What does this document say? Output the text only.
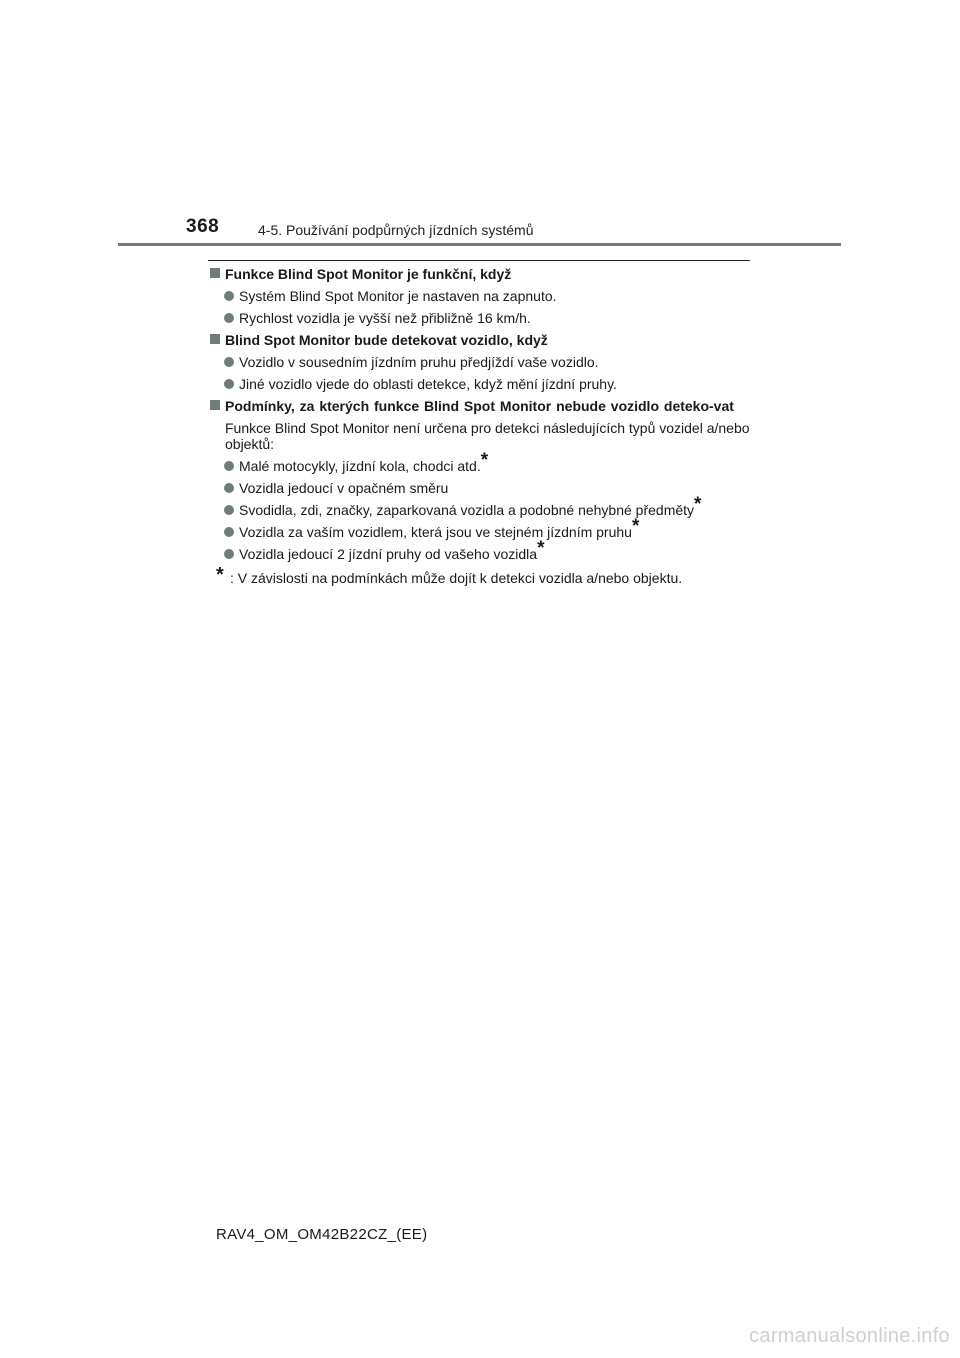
368	4-5. Používání podpůrných jízdních systémů
Funkce Blind Spot Monitor je funkční, když
Systém Blind Spot Monitor je nastaven na zapnuto.
Rychlost vozidla je vyšší než přibližně 16 km/h.
Blind Spot Monitor bude detekovat vozidlo, když
Vozidlo v sousedním jízdním pruhu předjíždí vaše vozidlo.
Jiné vozidlo vjede do oblasti detekce, když mění jízdní pruhy.
Podmínky, za kterých funkce Blind Spot Monitor nebude vozidlo deteko-vat
Funkce Blind Spot Monitor není určena pro detekci následujících typů vozidel a/nebo objektů:
Malé motocykly, jízdní kola, chodci atd.*
Vozidla jedoucí v opačném směru
Svodidla, zdi, značky, zaparkovaná vozidla a podobné nehybné předměty*
Vozidla za vaším vozidlem, která jsou ve stejném jízdním pruhu*
Vozidla jedoucí 2 jízdní pruhy od vašeho vozidla*
* : V závislosti na podmínkách může dojít k detekci vozidla a/nebo objektu.
RAV4_OM_OM42B22CZ_(EE)
carmanualsonline.info
